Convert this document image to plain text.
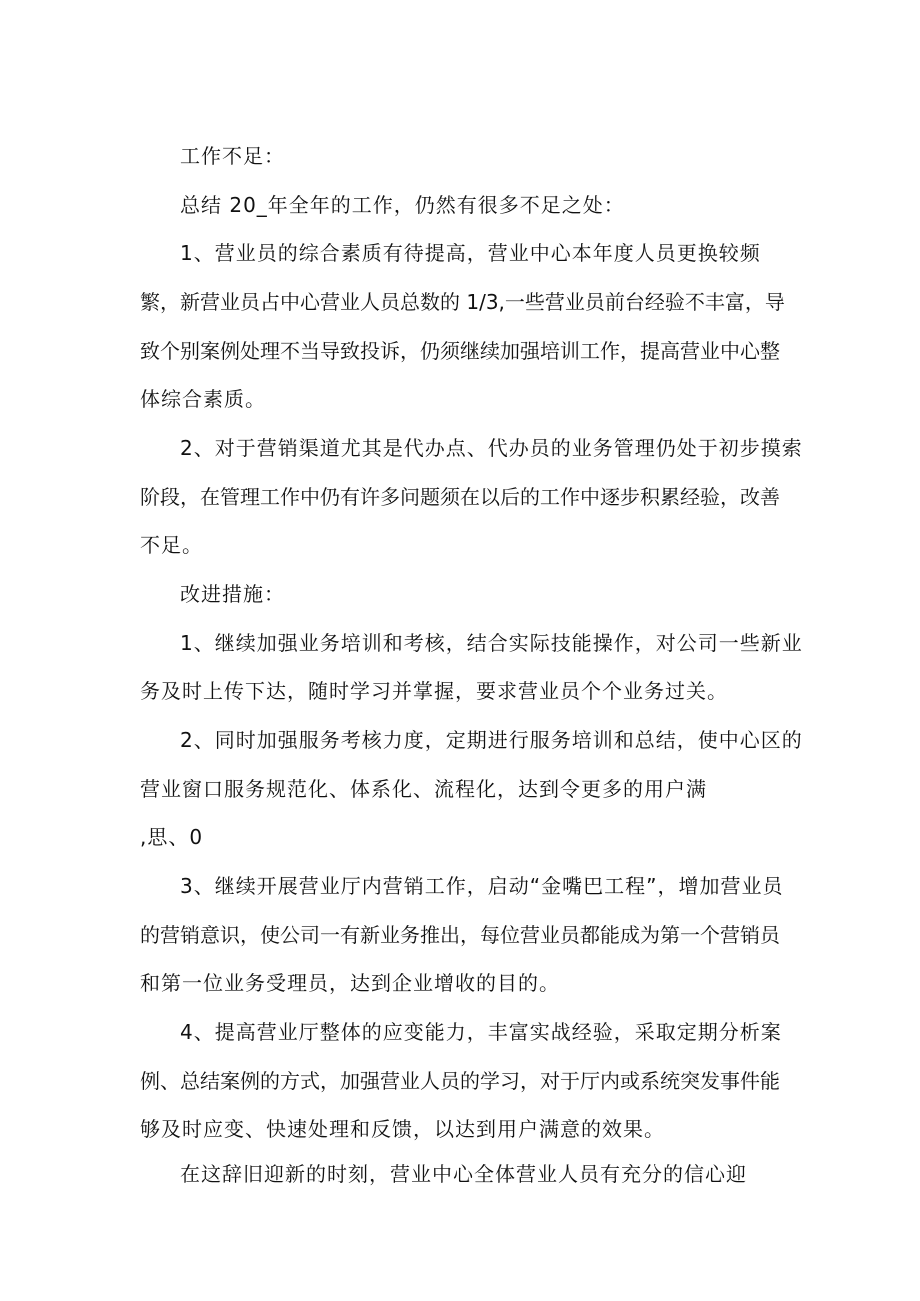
工作不足：
总结 20_年全年的工作，仍然有很多不足之处：
1、营业员的综合素质有待提高，营业中心本年度人员更换较频
繁，新营业员占中心营业人员总数的 1/3,一些营业员前台经验不丰富，导
致个别案例处理不当导致投诉，仍须继续加强培训工作，提高营业中心整
体综合素质。
2、对于营销渠道尤其是代办点、代办员的业务管理仍处于初步摸索
阶段，在管理工作中仍有许多问题须在以后的工作中逐步积累经验，改善
不足。
改进措施：
1、继续加强业务培训和考核，结合实际技能操作，对公司一些新业
务及时上传下达，随时学习并掌握，要求营业员个个业务过关。
2、同时加强服务考核力度，定期进行服务培训和总结，使中心区的
营业窗口服务规范化、体系化、流程化，达到令更多的用户满
,思、0
3、继续开展营业厅内营销工作，启动“金嘴巴工程”，增加营业员
的营销意识，使公司一有新业务推出，每位营业员都能成为第一个营销员
和第一位业务受理员，达到企业增收的目的。
4、提高营业厅整体的应变能力，丰富实战经验，采取定期分析案
例、总结案例的方式，加强营业人员的学习，对于厅内或系统突发事件能
够及时应变、快速处理和反馈，以达到用户满意的效果。
在这辞旧迎新的时刻，营业中心全体营业人员有充分的信心迎
